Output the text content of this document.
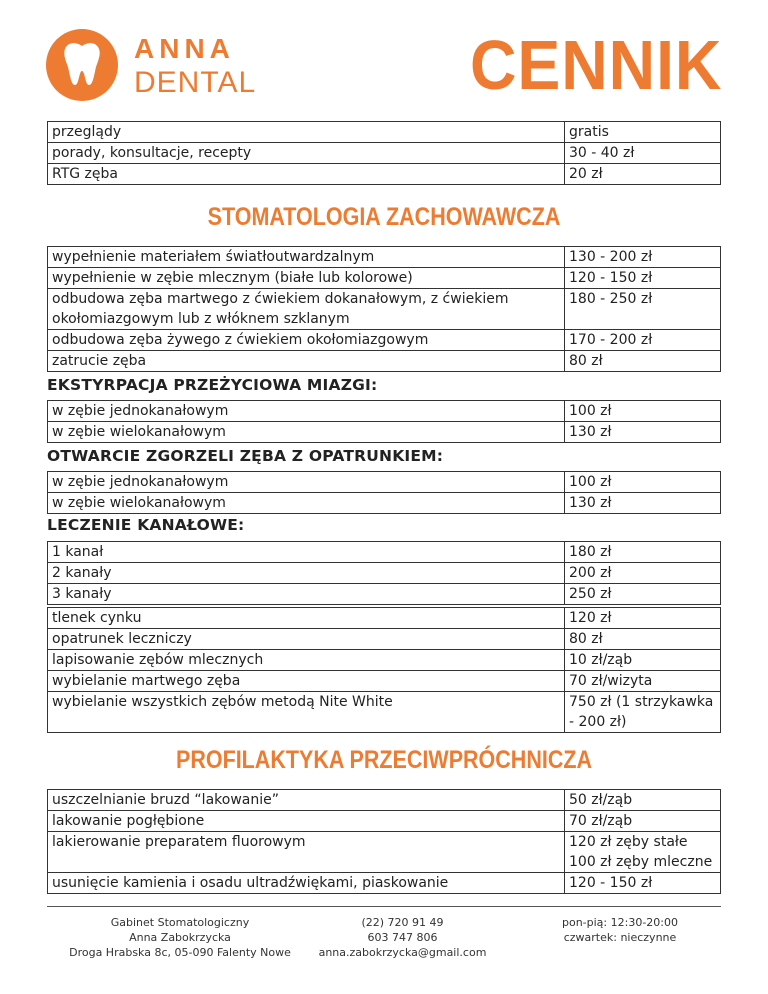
ANNA
DENTAL	CENNIK
przeglądy	gratis
porady, konsultacje, recepty	30 - 40 zł
RTG zęba	20 zł
STOMATOLOGIA ZACHOWAWCZA
wypełnienie materiałem światłoutwardzalnym	130 - 200 zł
wypełnienie w zębie mlecznym (białe lub kolorowe)	120 - 150 zł
odbudowa zęba martwego z ćwiekiem dokanałowym, z ćwiekiem okołomiazgowym lub z włóknem szklanym	180 - 250 zł
odbudowa zęba żywego z ćwiekiem okołomiazgowym	170 - 200 zł
zatrucie zęba	80 zł
EKSTYRPACJA PRZEŻYCIOWA MIAZGI:
w zębie jednokanałowym	100 zł
w zębie wielokanałowym	130 zł
OTWARCIE ZGORZELI ZĘBA Z OPATRUNKIEM:
w zębie jednokanałowym	100 zł
w zębie wielokanałowym	130 zł
LECZENIE KANAŁOWE:
1 kanał	180 zł
2 kanały	200 zł
3 kanały	250 zł
tlenek cynku	120 zł
opatrunek leczniczy	80 zł
lapisowanie zębów mlecznych	10 zł/ząb
wybielanie martwego zęba	70 zł/wizyta
wybielanie wszystkich zębów metodą Nite White	750 zł (1 strzykawka - 200 zł)
PROFILAKTYKA PRZECIWPRÓCHNICZA
uszczelnianie bruzd “lakowanie”	50 zł/ząb
lakowanie pogłębione	70 zł/ząb
lakierowanie preparatem fluorowym	120 zł zęby stałe
100 zł zęby mleczne

usunięcie kamienia i osadu ultradźwiękami, piaskowanie	120 - 150 zł
Gabinet Stomatologiczny
Anna Zabokrzycka
Droga Hrabska 8c, 05-090 Falenty Nowe
(22) 720 91 49
603 747 806
anna.zabokrzycka@gmail.com
pon-pią: 12:30-20:00
czwartek: nieczynne
